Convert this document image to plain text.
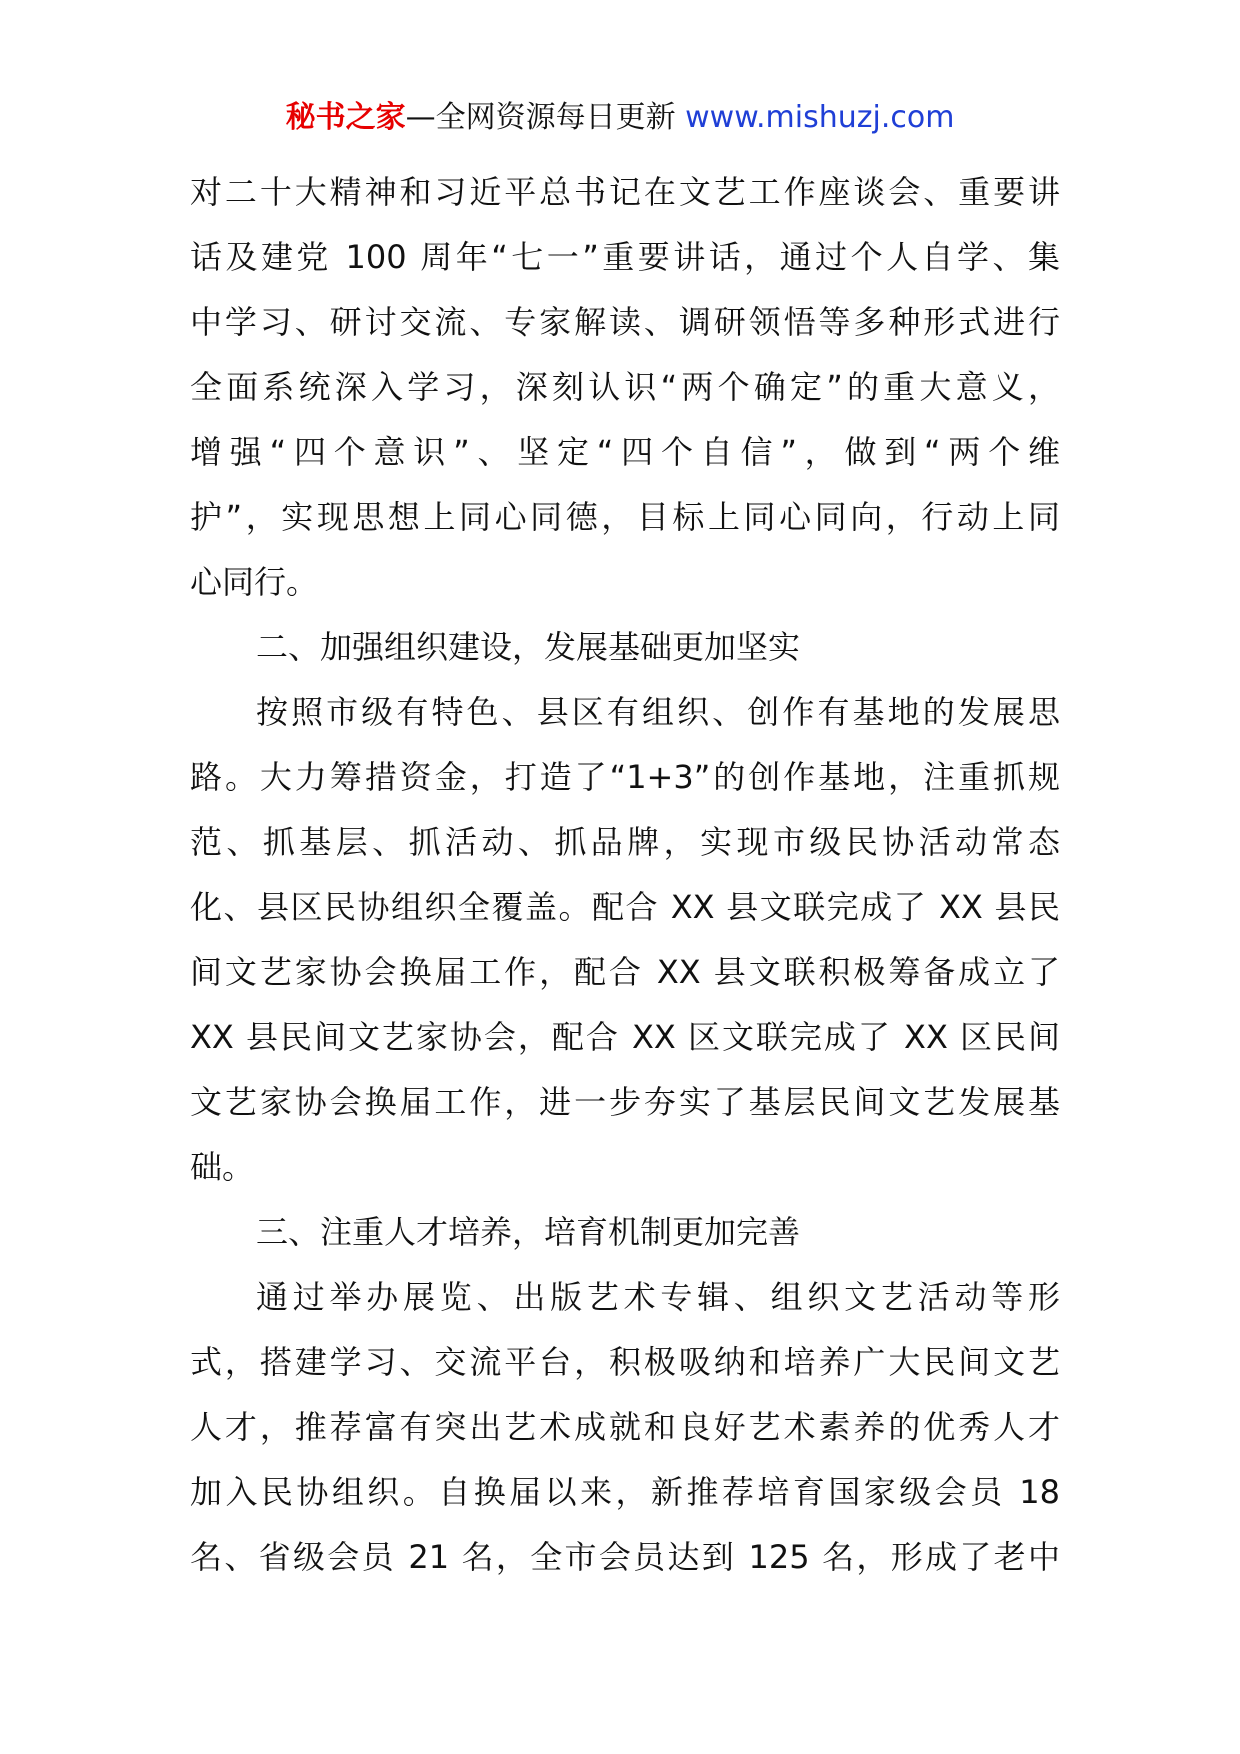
秘书之家—全网资源每日更新 www.mishuzj.com
对二十大精神和习近平总书记在文艺工作座谈会、重要讲
话及建党 100 周年“七一”重要讲话，通过个人自学、集
中学习、研讨交流、专家解读、调研领悟等多种形式进行
全面系统深入学习，深刻认识“两个确定”的重大意义，
增强“四个意识”、坚定“四个自信”，做到“两个维
护”，实现思想上同心同德，目标上同心同向，行动上同
心同行。
二、加强组织建设，发展基础更加坚实
按照市级有特色、县区有组织、创作有基地的发展思
路。大力筹措资金，打造了“1+3”的创作基地，注重抓规
范、抓基层、抓活动、抓品牌，实现市级民协活动常态
化、县区民协组织全覆盖。配合 XX 县文联完成了 XX 县民
间文艺家协会换届工作，配合 XX 县文联积极筹备成立了
XX 县民间文艺家协会，配合 XX 区文联完成了 XX 区民间
文艺家协会换届工作，进一步夯实了基层民间文艺发展基
础。
三、注重人才培养，培育机制更加完善
通过举办展览、出版艺术专辑、组织文艺活动等形
式，搭建学习、交流平台，积极吸纳和培养广大民间文艺
人才，推荐富有突出艺术成就和良好艺术素养的优秀人才
加入民协组织。自换届以来，新推荐培育国家级会员 18
名、省级会员 21 名，全市会员达到 125 名，形成了老中
